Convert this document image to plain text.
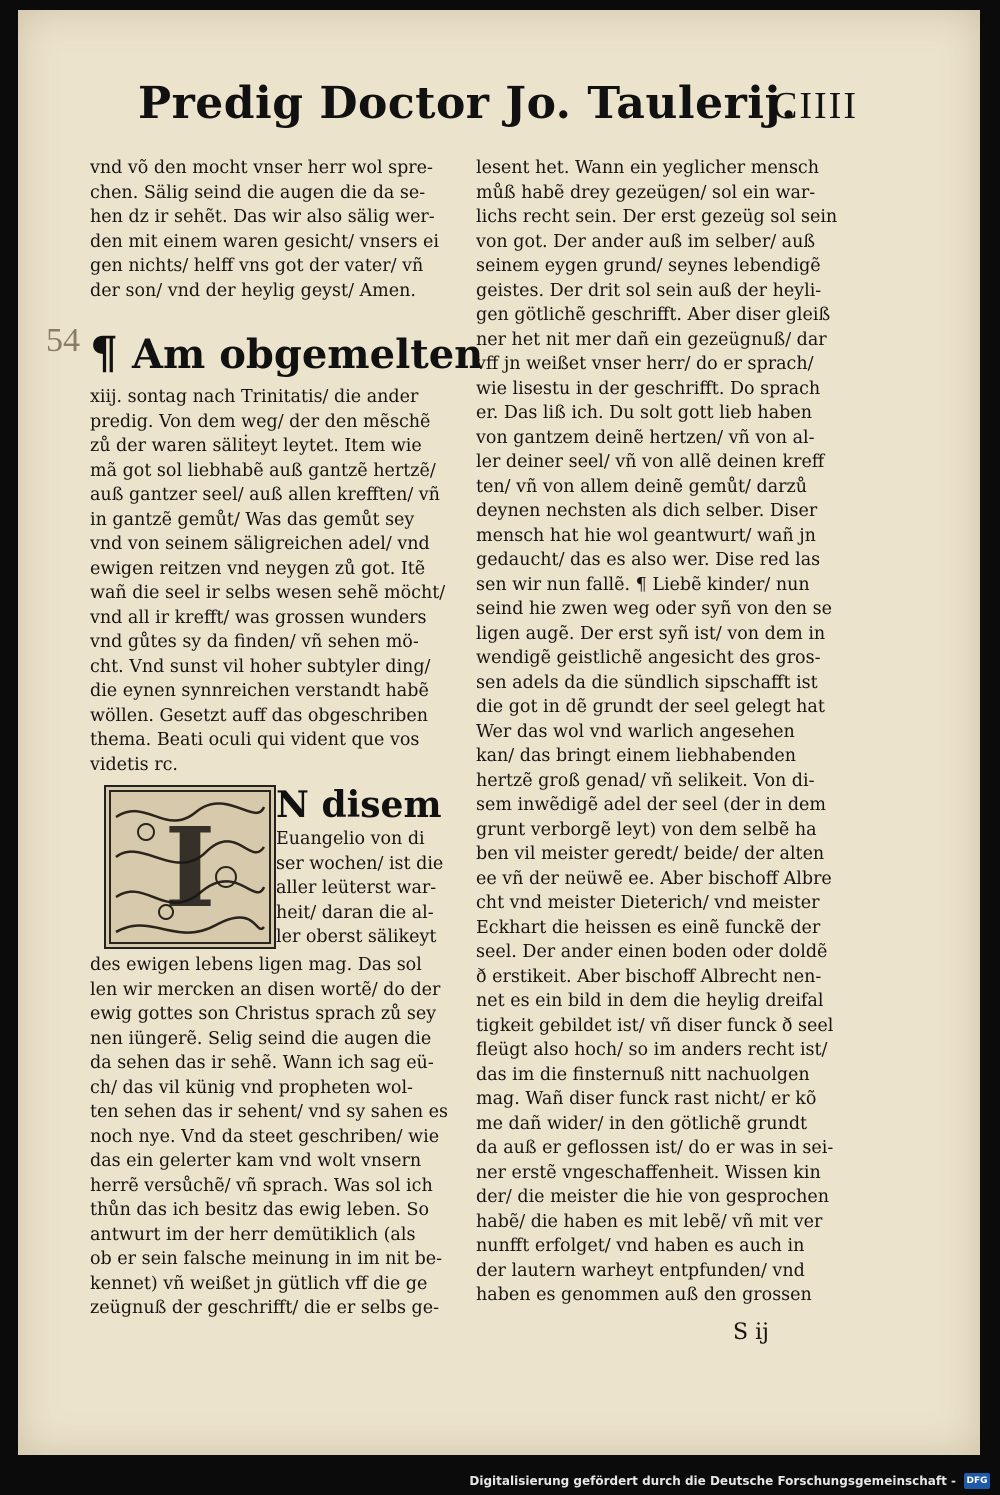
Predig Doctor Jo. Taulerij.
CIIII
54
vnd võ den mocht vnser herr wol spre-
chen. Sälig seind die augen die da se-
hen dz ir sehẽt. Das wir also sälig wer-
den mit einem waren gesicht/ vnsers ei
gen nichts/ helff vns got der vater/ vñ
der son/ vnd der heylig geyst/ Amen.
¶ Am obgemelten
xiij. sontag nach Trinitatis/ die ander
predig. Von dem weg/ der den mẽschẽ
zů der waren säliṫeyt leytet. Item wie
mã got sol liebhabẽ auß gantzẽ hertzẽ/
auß gantzer seel/ auß allen krefften/ vñ
in gantzẽ gemůt/ Was das gemůt sey
vnd von seinem säligreichen adel/ vnd
ewigen reitzen vnd neygen zů got. Itẽ
wañ die seel ir selbs wesen sehẽ möcht/
vnd all ir krefft/ was grossen wunders
vnd gůtes sy da finden/ vñ sehen mö-
cht. Vnd sunst vil hoher subtyler ding/
die eynen synnreichen verstandt habẽ
wöllen. Gesetzt auff das obgeschriben
thema. Beati oculi qui vident que vos
videtis rc.
I	N disem
Euangelio von di
ser wochen/ ist die
aller leüterst war-
heit/ daran die al-
ler oberst sälikeyt
des ewigen lebens ligen mag. Das sol
len wir mercken an disen wortẽ/ do der
ewig gottes son Christus sprach zů sey
nen iüngerẽ. Selig seind die augen die
da sehen das ir sehẽ. Wann ich sag eü-
ch/ das vil künig vnd propheten wol-
ten sehen das ir sehent/ vnd sy sahen es
noch nye. Vnd da steet geschriben/ wie
das ein gelerter kam vnd wolt vnsern
herrẽ versůchẽ/ vñ sprach. Was sol ich
thůn das ich besitz das ewig leben. So
antwurt im der herr demütiklich (als
ob er sein falsche meinung in im nit be-
kennet) vñ weißet jn gütlich vff die ge
zeügnuß der geschrifft/ die er selbs ge-
lesent het. Wann ein yeglicher mensch
můß habẽ drey gezeügen/ sol ein war-
lichs recht sein. Der erst gezeüg sol sein
von got. Der ander auß im selber/ auß
seinem eygen grund/ seynes lebendigẽ
geistes. Der drit sol sein auß der heyli-
gen götlichẽ geschrifft. Aber diser gleiß
ner het nit mer dañ ein gezeügnuß/ dar
vff jn weißet vnser herr/ do er sprach/
wie lisestu in der geschrifft. Do sprach
er. Das liß ich. Du solt gott lieb haben
von gantzem deinẽ hertzen/ vñ von al-
ler deiner seel/ vñ von allẽ deinen kreff
ten/ vñ von allem deinẽ gemůt/ darzů
deynen nechsten als dich selber. Diser
mensch hat hie wol geantwurt/ wañ jn
gedaucht/ das es also wer. Dise red las
sen wir nun fallẽ. ¶ Liebẽ kinder/ nun
seind hie zwen weg oder syñ von den se
ligen augẽ. Der erst syñ ist/ von dem in
wendigẽ geistlichẽ angesicht des gros-
sen adels da die sündlich sipschafft ist
die got in dẽ grundt der seel gelegt hat
Wer das wol vnd warlich angesehen
kan/ das bringt einem liebhabenden
hertzẽ groß genad/ vñ selikeit. Von di-
sem inwẽdigẽ adel der seel (der in dem
grunt verborgẽ leyt) von dem selbẽ ha
ben vil meister geredt/ beide/ der alten
ee vñ der neüwẽ ee. Aber bischoff Albre
cht vnd meister Dieterich/ vnd meister
Eckhart die heissen es einẽ funckẽ der
seel. Der ander einen boden oder doldẽ
ð erstikeit. Aber bischoff Albrecht nen-
net es ein bild in dem die heylig dreifal
tigkeit gebildet ist/ vñ diser funck ð seel
fleügt also hoch/ so im anders recht ist/
das im die finsternuß nitt nachuolgen
mag. Wañ diser funck rast nicht/ er kõ
me dañ wider/ in den götlichẽ grundt
da auß er geflossen ist/ do er was in sei-
ner erstẽ vngeschaffenheit. Wissen kin
der/ die meister die hie von gesprochen
habẽ/ die haben es mit lebẽ/ vñ mit ver
nunfft erfolget/ vnd haben es auch in
der lautern warheyt entpfunden/ vnd
haben es genommen auß den grossen
S ij
Digitalisierung gefördert durch die Deutsche Forschungsgemeinschaft - DFG
